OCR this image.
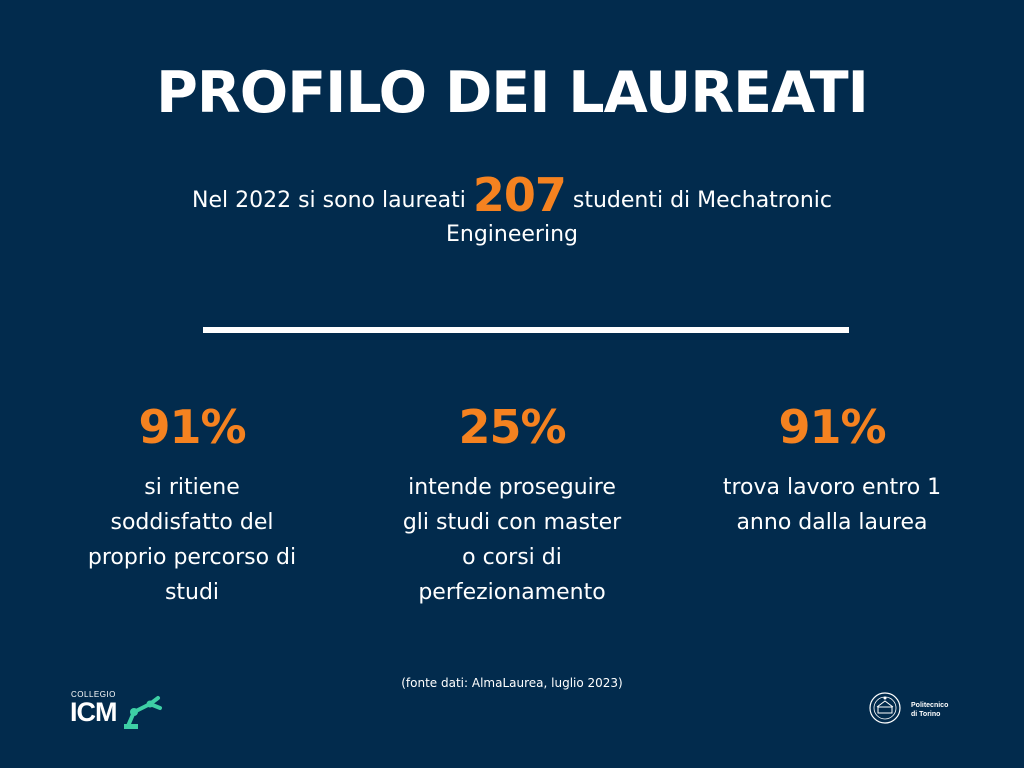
PROFILO DEI LAUREATI
Nel 2022 si sono laureati 207 studenti di Mechatronic Engineering
91%
si ritiene soddisfatto del proprio percorso di studi
25%
intende proseguire gli studi con master o corsi di perfezionamento
91%
trova lavoro entro 1 anno dalla laurea
(fonte dati: AlmaLaurea, luglio 2023)
COLLEGIO
ICM	Politecnico
di Torino
